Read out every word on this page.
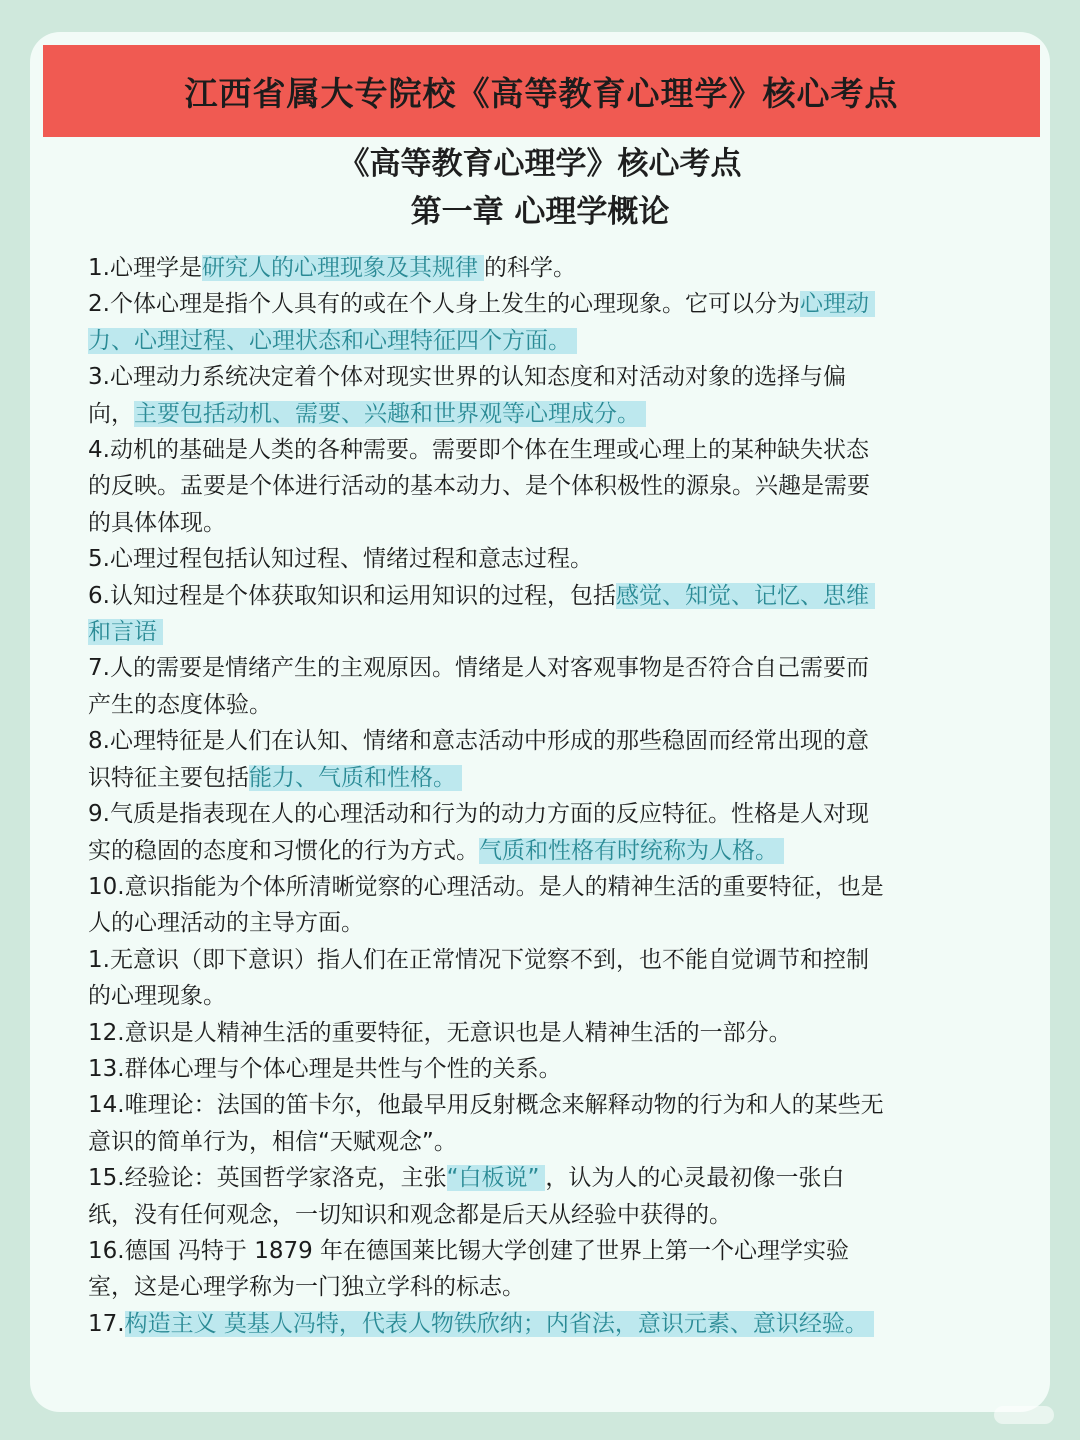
江西省属大专院校《高等教育心理学》核心考点
《高等教育心理学》核心考点
第一章 心理学概论
1.心理学是研究人的心理现象及其规律 的科学。
2.个体心理是指个人具有的或在个人身上发生的心理现象。它可以分为心理动
力、心理过程、心理状态和心理特征四个方面。
3.心理动力系统决定着个体对现实世界的认知态度和对活动对象的选择与偏
向，主要包括动机、需要、兴趣和世界观等心理成分。
4.动机的基础是人类的各种需要。需要即个体在生理或心理上的某种缺失状态
的反映。盂要是个体进行活动的基本动力、是个体积极性的源泉。兴趣是需要
的具体体现。
5.心理过程包括认知过程、情绪过程和意志过程。
6.认知过程是个体获取知识和运用知识的过程，包括感觉、知觉、记忆、思维
和言语
7.人的需要是情绪产生的主观原因。情绪是人对客观事物是否符合自己需要而
产生的态度体验。
8.心理特征是人们在认知、情绪和意志活动中形成的那些稳固而经常出现的意
识特征主要包括能力、气质和性格。
9.气质是指表现在人的心理活动和行为的动力方面的反应特征。性格是人对现
实的稳固的态度和习惯化的行为方式。气质和性格有时统称为人格。
10.意识指能为个体所清晰觉察的心理活动。是人的精神生活的重要特征，也是
人的心理活动的主导方面。
1.无意识（即下意识）指人们在正常情况下觉察不到，也不能自觉调节和控制
的心理现象。
12.意识是人精神生活的重要特征，无意识也是人精神生活的一部分。
13.群体心理与个体心理是共性与个性的关系。
14.唯理论：法国的笛卡尔，他最早用反射概念来解释动物的行为和人的某些无
意识的简单行为，相信“天赋观念”。
15.经验论：英国哲学家洛克，主张“白板说” ，认为人的心灵最初像一张白
纸，没有任何观念，一切知识和观念都是后天从经验中获得的。
16.德国 冯特于 1879 年在德国莱比锡大学创建了世界上第一个心理学实验
室，这是心理学称为一门独立学科的标志。
17.构造主义 莫基人冯特，代表人物铁欣纳；内省法，意识元素、意识经验。
